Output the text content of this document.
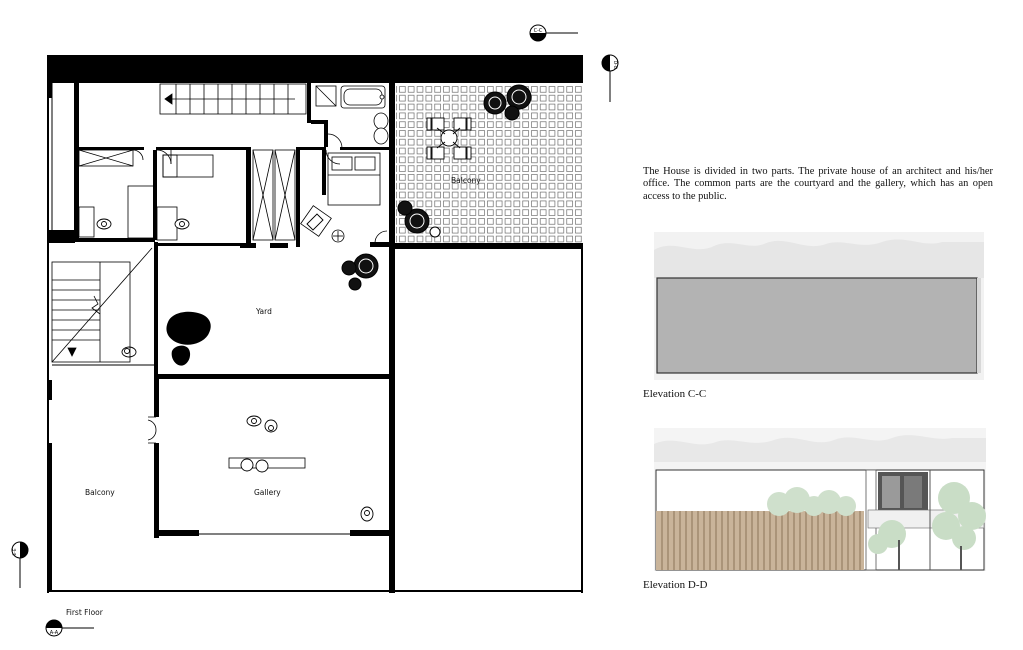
Balcony
Yard
Gallery
Balcony
First Floor
C-C
D-D
E-E
A-A
The House is divided in two parts. The private house of an architect and his/her office. The common parts are the courtyard and the gallery, which has an open access to the public.
Elevation C-C
Elevation D-D
